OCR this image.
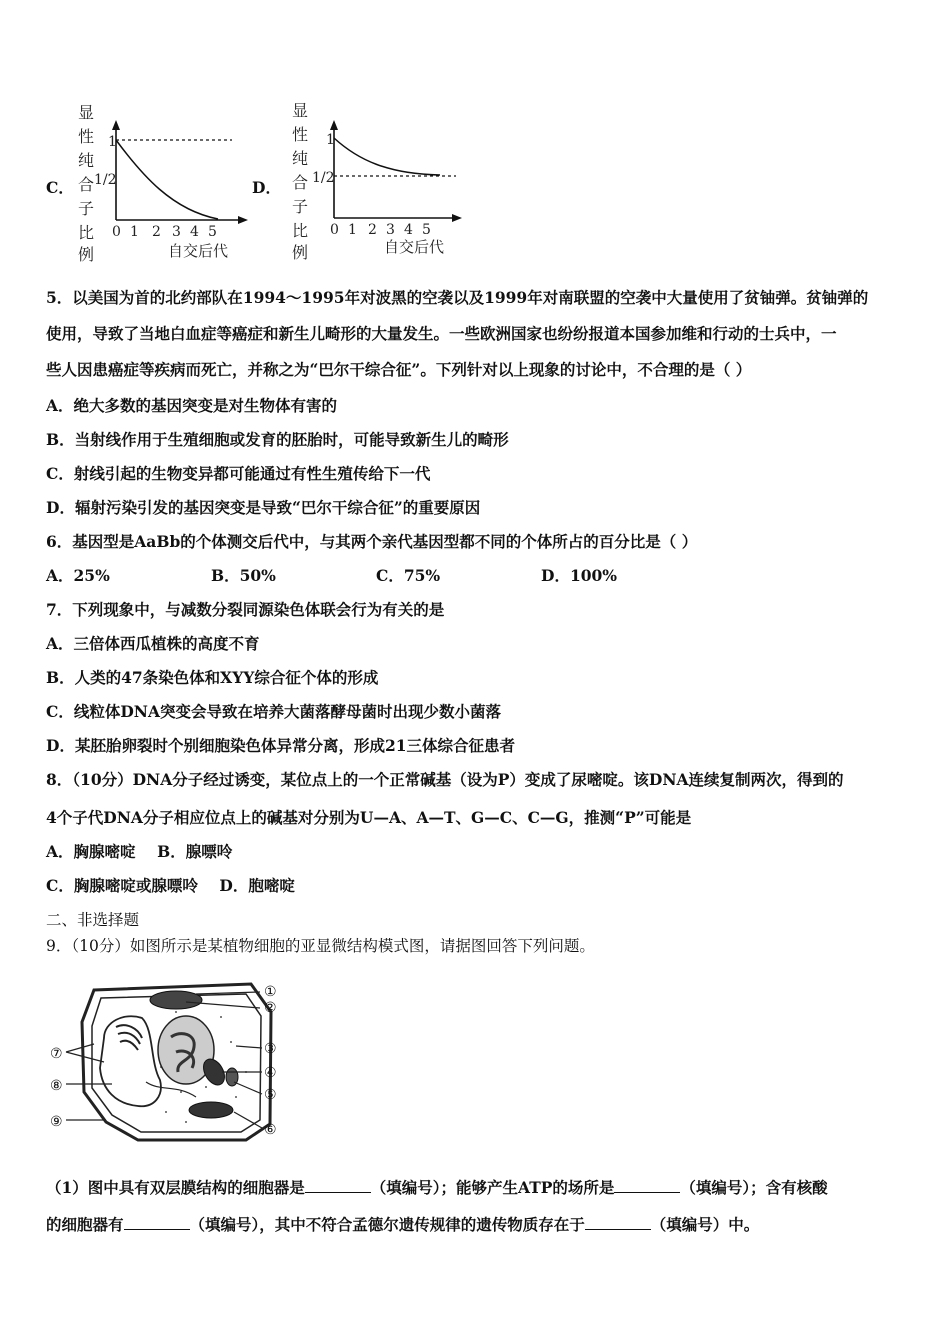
C．
显
性
纯
合
子
比
例
1
1/2
0 1 2 3 4 5
自交后代
D．
显
性
纯
合
子
比
例
1
1/2
0 1 2 3 4 5
自交后代
5．以美国为首的北约部队在1994～1995年对波黑的空袭以及1999年对南联盟的空袭中大量使用了贫铀弹。贫铀弹的
使用，导致了当地白血症等癌症和新生儿畸形的大量发生。一些欧洲国家也纷纷报道本国参加维和行动的士兵中，一
些人因患癌症等疾病而死亡，并称之为“巴尔干综合征”。下列针对以上现象的讨论中，不合理的是（ ）
A．绝大多数的基因突变是对生物体有害的
B．当射线作用于生殖细胞或发育的胚胎时，可能导致新生儿的畸形
C．射线引起的生物变异都可能通过有性生殖传给下一代
D．辐射污染引发的基因突变是导致“巴尔干综合征”的重要原因
6．基因型是AaBb的个体测交后代中，与其两个亲代基因型都不同的个体所占的百分比是（ ）
A．25%	B．50%	C．75%	D．100%
7．下列现象中，与减数分裂同源染色体联会行为有关的是
A．三倍体西瓜植株的高度不育
B．人类的47条染色体和XYY综合征个体的形成
C．线粒体DNA突变会导致在培养大菌落酵母菌时出现少数小菌落
D．某胚胎卵裂时个别细胞染色体异常分离，形成21三体综合征患者
8．（10分）DNA分子经过诱变，某位点上的一个正常碱基（设为P）变成了尿嘧啶。该DNA连续复制两次，得到的
4个子代DNA分子相应位点上的碱基对分别为U—A、A—T、G—C、C—G，推测“P”可能是
A．胸腺嘧啶    B．腺嘌呤
C．胸腺嘧啶或腺嘌呤    D．胞嘧啶
二、非选择题
9．（10分）如图所示是某植物细胞的亚显微结构模式图，请据图回答下列问题。
①
②
③
④
⑤
⑥
⑦
⑧
⑨
（1）图中具有双层膜结构的细胞器是	（填编号）；能够产生ATP的场所是	（填编号）；含有核酸
的细胞器有	（填编号），其中不符合孟德尔遗传规律的遗传物质存在于	（填编号）中。
